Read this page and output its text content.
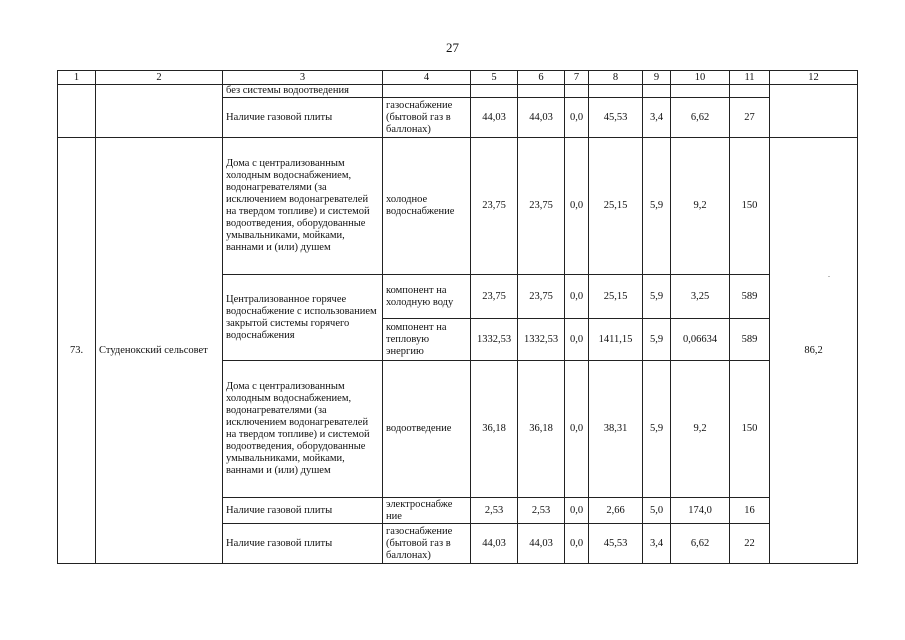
27
1	2	3	4	5	6	7	8	9	10	11	12
		без системы водоотведения									
		Наличие газовой плиты	газоснабжение (бытовой газ в баллонах)	44,03	44,03	0,0	45,53	3,4	6,62	27	
73.	Студенокский сельсовет	Дома с централизованным холодным водоснабжением, водонагревателями (за исключением водонагревателей на твердом топливе) и системой водоотведения, оборудованные умывальниками, мойками, ваннами и (или) душем	холодное водоснабжение	23,75	23,75	0,0	25,15	5,9	9,2	150	86,2
		Централизованное горячее водоснабжение с использованием закрытой системы горячего водоснабжения	компонент на холодную воду	23,75	23,75	0,0	25,15	5,9	3,25	589	
			компонент на тепловую энергию	1332,53	1332,53	0,0	1411,15	5,9	0,06634	589	
		Дома с централизованным холодным водоснабжением, водонагревателями (за исключением водонагревателей на твердом топливе) и системой водоотведения, оборудованные умывальниками, мойками, ваннами и (или) душем	водоотведение	36,18	36,18	0,0	38,31	5,9	9,2	150	
		Наличие газовой плиты	электроснабже ние	2,53	2,53	0,0	2,66	5,0	174,0	16	
		Наличие газовой плиты	газоснабжение (бытовой газ в баллонах)	44,03	44,03	0,0	45,53	3,4	6,62	22	
